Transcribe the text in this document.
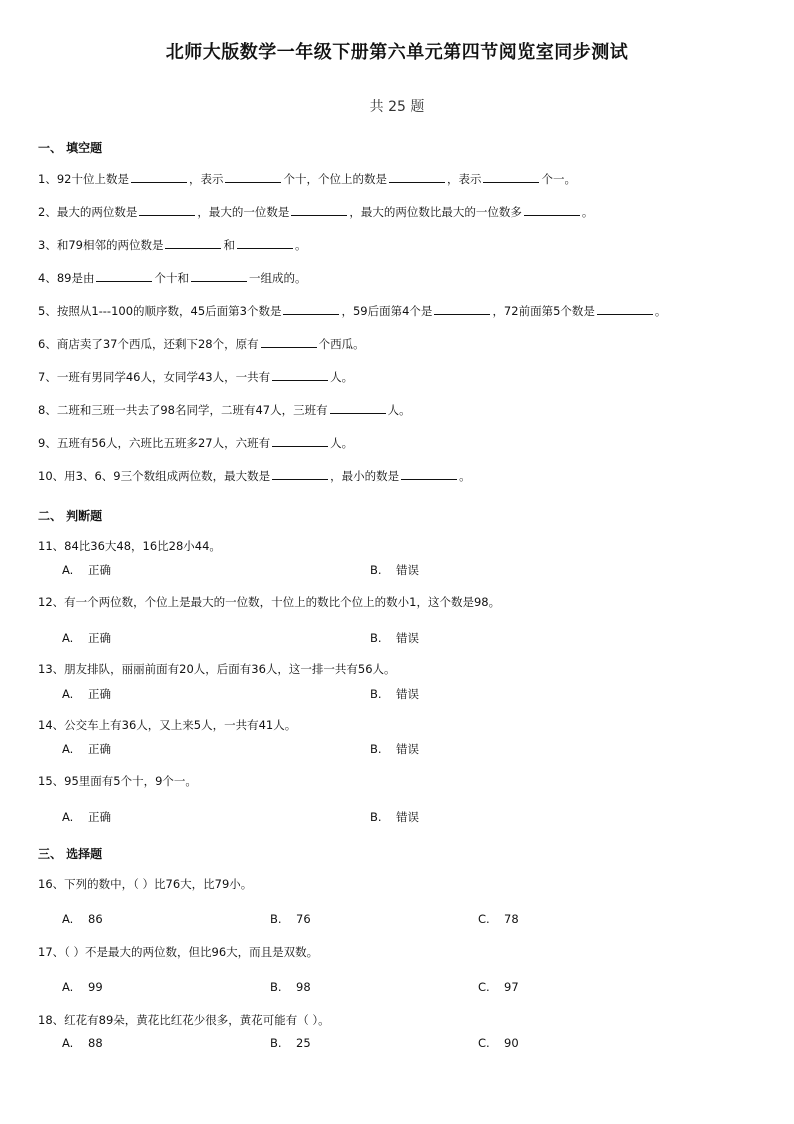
北师大版数学一年级下册第六单元第四节阅览室同步测试
共 25 题
一、 填空题
1、92十位上数是	，表示	个十，个位上的数是	，表示	个一。
2、最大的两位数是	，最大的一位数是	，最大的两位数比最大的一位数多	。
3、和79相邻的两位数是	和	。
4、89是由	个十和	一组成的。
5、按照从1---100的顺序数，45后面第3个数是	，59后面第4个是	，72前面第5个数是	。
6、商店卖了37个西瓜，还剩下28个，原有	个西瓜。
7、一班有男同学46人，女同学43人，一共有	人。
8、二班和三班一共去了98名同学，二班有47人，三班有	人。
9、五班有56人，六班比五班多27人，六班有	人。
10、用3、6、9三个数组成两位数，最大数是	，最小的数是	。
二、 判断题
11、84比36大48，16比28小44。
A. 正确	B. 错误
12、有一个两位数，个位上是最大的一位数，十位上的数比个位上的数小1，这个数是98。
A. 正确	B. 错误
13、朋友排队，丽丽前面有20人，后面有36人，这一排一共有56人。
A. 正确	B. 错误
14、公交车上有36人，又上来5人，一共有41人。
A. 正确	B. 错误
15、95里面有5个十，9个一。
A. 正确	B. 错误
三、 选择题
16、下列的数中，（ ）比76大，比79小。
A. 86	B. 76	C. 78
17、（ ）不是最大的两位数，但比96大，而且是双数。
A. 99	B. 98	C. 97
18、红花有89朵，黄花比红花少很多，黄花可能有（ ）。
A. 88	B. 25	C. 90
